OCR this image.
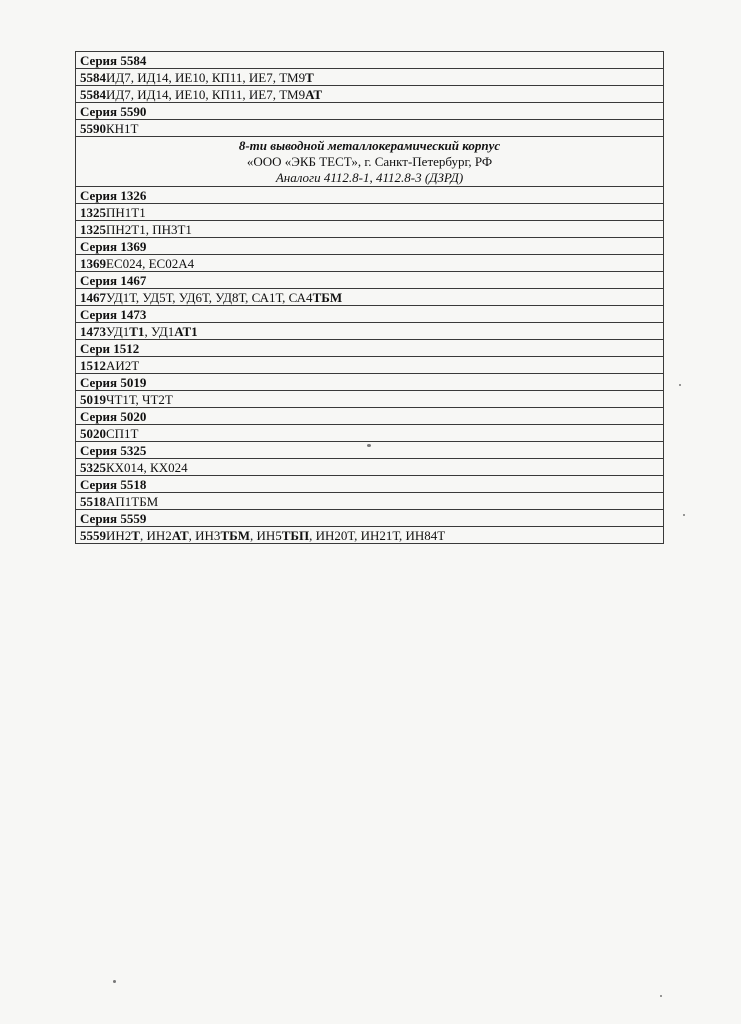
Серия 5584
5584ИД7, ИД14, ИЕ10, КП11, ИЕ7, ТМ9Т
5584ИД7, ИД14, ИЕ10, КП11, ИЕ7, ТМ9АТ
Серия 5590
5590КН1Т

8-ти выводной металлокерамический корпус
«ООО «ЭКБ ТЕСТ», г. Санкт-Петербург, РФ
Аналоги 4112.8-1, 4112.8-3 (ДЗРД)

Серия 1326
1325ПН1Т1
1325ПН2Т1, ПН3Т1
Серия 1369
1369ЕС024, ЕС02А4
Серия 1467
1467УД1Т, УД5Т, УД6Т, УД8Т, СА1Т, СА4ТБМ
Серия 1473
1473УД1Т1, УД1АТ1
Сери 1512
1512АИ2Т
Серия 5019
5019ЧТ1Т, ЧТ2Т
Серия 5020
5020СП1Т
Серия 5325
5325КХ014, КХ024
Серия 5518
5518АП1ТБМ
Серия 5559
5559ИН2Т, ИН2АТ, ИН3ТБМ, ИН5ТБП, ИН20Т, ИН21Т, ИН84Т
